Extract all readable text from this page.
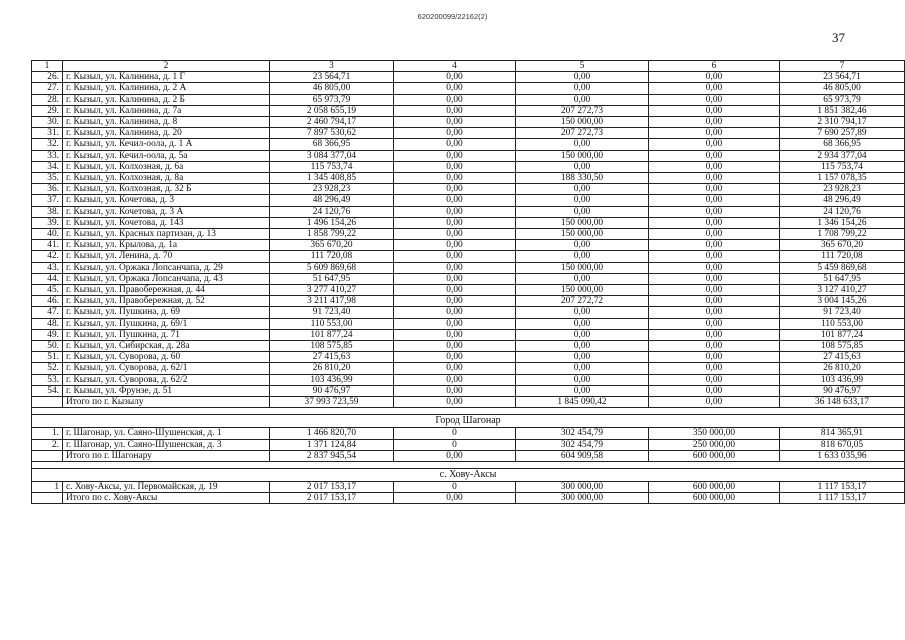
620200099/22162(2)
37
1	2	3	4	5	6	7
26.	г. Кызыл, ул. Калинина, д. 1 Г	23 564,71	0,00	0,00	0,00	23 564,71
27.	г. Кызыл, ул. Калинина, д. 2 А	46 805,00	0,00	0,00	0,00	46 805,00
28.	г. Кызыл, ул. Калинина, д. 2 Б	65 973,79	0,00	0,00	0,00	65 973,79
29.	г. Кызыл, ул. Калинина, д. 7а	2 058 655,19	0,00	207 272,73	0,00	1 851 382,46
30.	г. Кызыл, ул. Калинина, д. 8	2 460 794,17	0,00	150 000,00	0,00	2 310 794,17
31.	г. Кызыл, ул. Калинина, д. 20	7 897 530,62	0,00	207 272,73	0,00	7 690 257,89
32.	г. Кызыл, ул. Кечил-оола, д. 1 А	68 366,95	0,00	0,00	0,00	68 366,95
33.	г. Кызыл, ул. Кечил-оола, д. 5а	3 084 377,04	0,00	150 000,00	0,00	2 934 377,04
34.	г. Кызыл, ул. Колхозная, д. 6а	115 753,74	0,00	0,00	0,00	115 753,74
35.	г. Кызыл, ул. Колхозная, д. 8а	1 345 408,85	0,00	188 330,50	0,00	1 157 078,35
36.	г. Кызыл, ул. Колхозная, д. 32 Б	23 928,23	0,00	0,00	0,00	23 928,23
37.	г. Кызыл, ул. Кочетова, д. 3	48 296,49	0,00	0,00	0,00	48 296,49
38.	г. Кызыл, ул. Кочетова, д. 3 А	24 120,76	0,00	0,00	0,00	24 120,76
39.	г. Кызыл, ул. Кочетова, д. 143	1 496 154,26	0,00	150 000,00	0,00	1 346 154,26
40.	г. Кызыл, ул. Красных партизан, д. 13	1 858 799,22	0,00	150 000,00	0,00	1 708 799,22
41.	г. Кызыл, ул. Крылова, д. 1а	365 670,20	0,00	0,00	0,00	365 670,20
42.	г. Кызыл, ул. Ленина, д. 70	111 720,08	0,00	0,00	0,00	111 720,08
43.	г. Кызыл, ул. Оржака Лопсанчапа, д. 29	5 609 869,68	0,00	150 000,00	0,00	5 459 869,68
44.	г. Кызыл, ул. Оржака Лопсанчапа, д. 43	51 647,95	0,00	0,00	0,00	51 647,95
45.	г. Кызыл, ул. Правобережная, д. 44	3 277 410,27	0,00	150 000,00	0,00	3 127 410,27
46.	г. Кызыл, ул. Правобережная, д. 52	3 211 417,98	0,00	207 272,72	0,00	3 004 145,26
47.	г. Кызыл, ул. Пушкина, д. 69	91 723,40	0,00	0,00	0,00	91 723,40
48.	г. Кызыл, ул. Пушкина, д. 69/1	110 553,00	0,00	0,00	0,00	110 553,00
49.	г. Кызыл, ул. Пушкина, д. 71	101 877,24	0,00	0,00	0,00	101 877,24
50.	г. Кызыл, ул. Сибирская, д. 28а	108 575,85	0,00	0,00	0,00	108 575,85
51.	г. Кызыл, ул. Суворова, д. 60	27 415,63	0,00	0,00	0,00	27 415,63
52.	г. Кызыл, ул. Суворова, д. 62/1	26 810,20	0,00	0,00	0,00	26 810,20
53.	г. Кызыл, ул. Суворова, д. 62/2	103 436,99	0,00	0,00	0,00	103 436,99
54.	г. Кызыл, ул. Фрунзе, д. 51	90 476,97	0,00	0,00	0,00	90 476,97
	Итого по г. Кызылу	37 993 723,59	0,00	1 845 090,42	0,00	36 148 633,17

Город Шагонар						
1.	г. Шагонар, ул. Саяно-Шушенская, д. 1	1 466 820,70	0	302 454,79	350 000,00	814 365,91
2.	г. Шагонар, ул. Саяно-Шушенская, д. 3	1 371 124,84	0	302 454,79	250 000,00	818 670,05
	Итого по г. Шагонару	2 837 945,54	0,00	604 909,58	600 000,00	1 633 035,96

с. Хову-Аксы						
1	с. Хову-Аксы, ул. Первомайская, д. 19	2 017 153,17	0	300 000,00	600 000,00	1 117 153,17
	Итого по с. Хову-Аксы	2 017 153,17	0,00	300 000,00	600 000,00	1 117 153,17
